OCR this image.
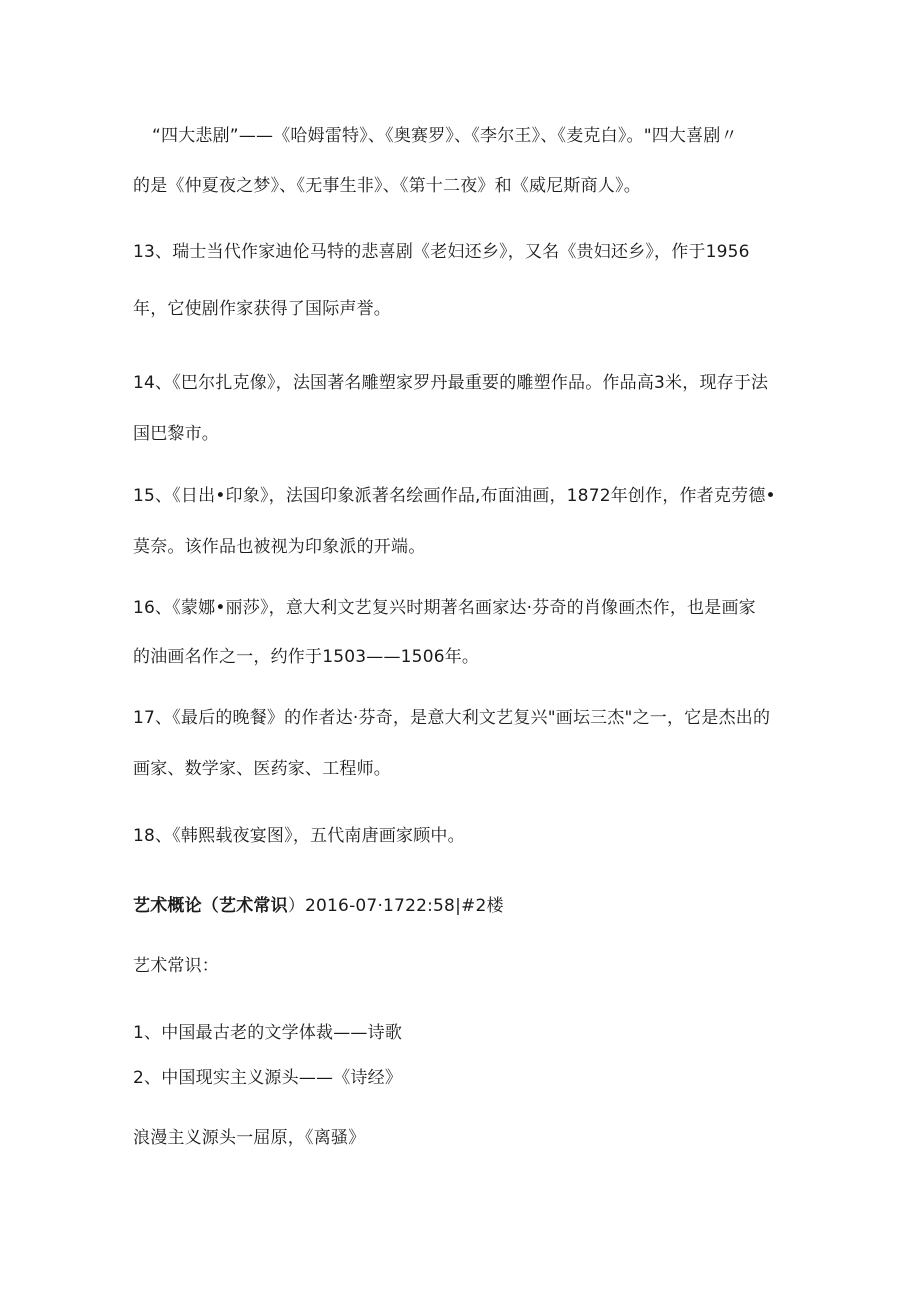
“四大悲剧”——《哈姆雷特》、《奥赛罗》、《李尔王》、《麦克白》。"四大喜剧〃
的是《仲夏夜之梦》、《无事生非》、《第十二夜》和《威尼斯商人》。
13、瑞士当代作家迪伦马特的悲喜剧《老妇还乡》，又名《贵妇还乡》，作于1956
年，它使剧作家获得了国际声誉。
14、《巴尔扎克像》，法国著名雕塑家罗丹最重要的雕塑作品。作品高3米，现存于法
国巴黎市。
15、《日出•印象》，法国印象派著名绘画作品,布面油画，1872年创作，作者克劳德•
莫奈。该作品也被视为印象派的开端。
16、《蒙娜•丽莎》，意大利文艺复兴时期著名画家达·芬奇的肖像画杰作，也是画家
的油画名作之一，约作于1503——1506年。
17、《最后的晚餐》的作者达·芬奇，是意大利文艺复兴"画坛三杰"之一，它是杰出的
画家、数学家、医药家、工程师。
18、《韩熙载夜宴图》，五代南唐画家顾中。
艺术概论（艺术常识）2016-07·1722:58|#2楼
艺术常识：
1、中国最古老的文学体裁——诗歌
2、中国现实主义源头——《诗经》
浪漫主义源头一屈原，《离骚》
